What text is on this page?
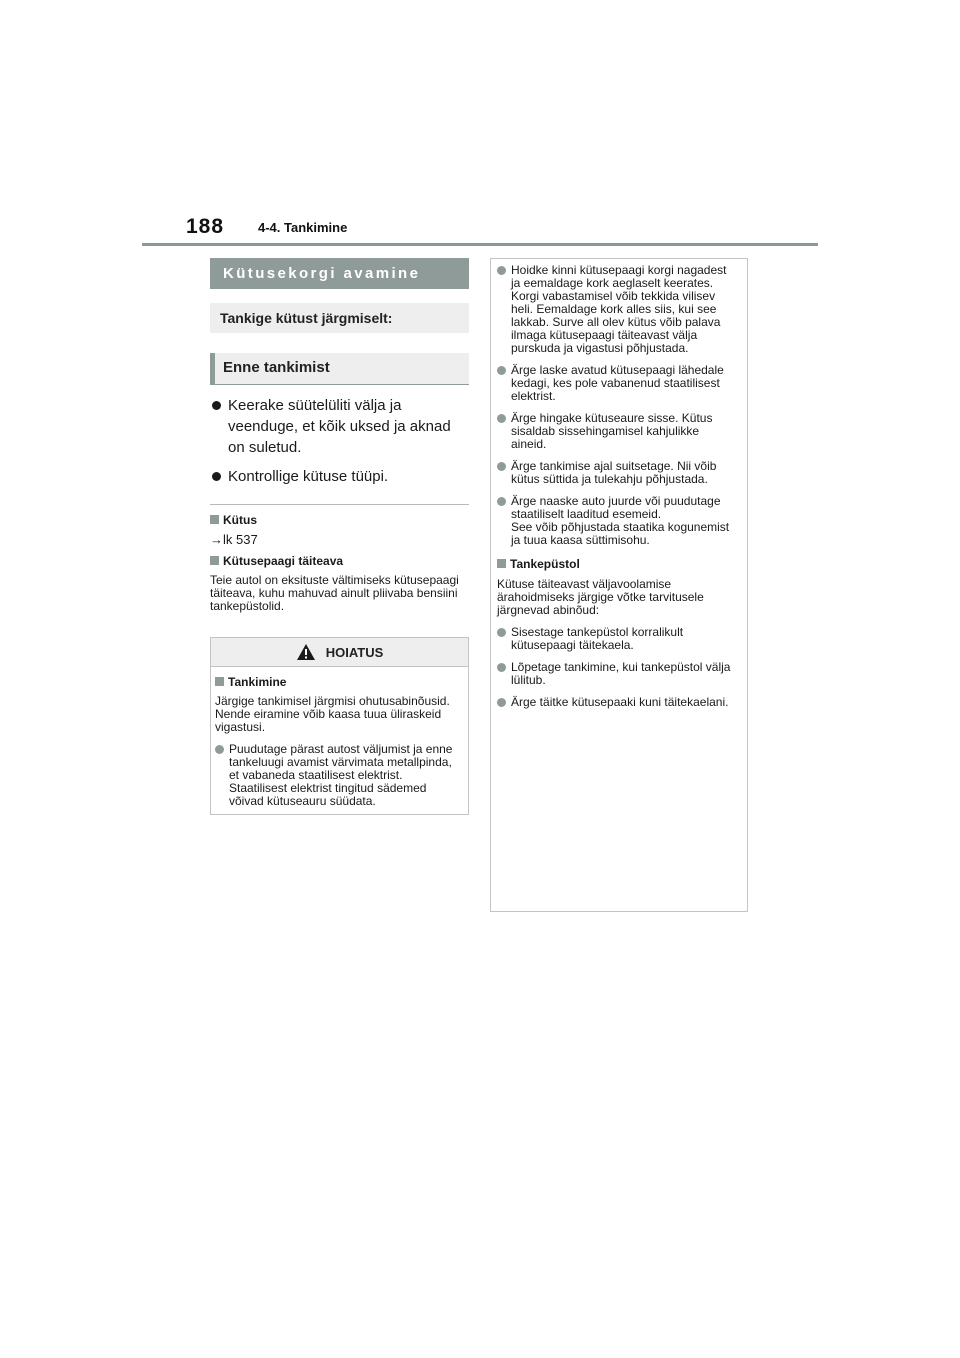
188	4-4. Tankimine
Kütusekorgi avamine
Tankige kütust järgmiselt:
Enne tankimist
Keerake süütelüliti välja ja veenduge, et kõik uksed ja aknad on suletud.
Kontrollige kütuse tüüpi.
Kütus
→lk 537
Kütusepaagi täiteava
Teie autol on eksituste vältimiseks kütusepaagi täiteava, kuhu mahuvad ainult pliivaba bensiini tankepüstolid.
HOIATUS
Tankimine
Järgige tankimisel järgmisi ohutusabinõusid. Nende eiramine võib kaasa tuua üliraskeid vigastusi.
Puudutage pärast autost väljumist ja enne tankeluugi avamist värvimata metallpinda, et vabaneda staatilisest elektrist. Staatilisest elektrist tingitud sädemed võivad kütuseauru süüdata.
Hoidke kinni kütusepaagi korgi nagadest ja eemaldage kork aeglaselt keerates.
Korgi vabastamisel võib tekkida vilisev heli. Eemaldage kork alles siis, kui see lakkab. Surve all olev kütus võib palava ilmaga kütusepaagi täiteavast välja purskuda ja vigastusi põhjustada.
Ärge laske avatud kütusepaagi lähedale kedagi, kes pole vabanenud staatilisest elektrist.
Ärge hingake kütuseaure sisse. Kütus sisaldab sissehingamisel kahjulikke aineid.
Ärge tankimise ajal suitsetage. Nii võib kütus süttida ja tulekahju põhjustada.
Ärge naaske auto juurde või puudutage staatiliselt laaditud esemeid.
See võib põhjustada staatika kogunemist ja tuua kaasa süttimisohu.
Tankepüstol
Kütuse täiteavast väljavoolamise ärahoidmiseks järgige võtke tarvitusele järgnevad abinõud:
Sisestage tankepüstol korralikult kütusepaagi täitekaela.
Lõpetage tankimine, kui tankepüstol välja lülitub.
Ärge täitke kütusepaaki kuni täitekaelani.
